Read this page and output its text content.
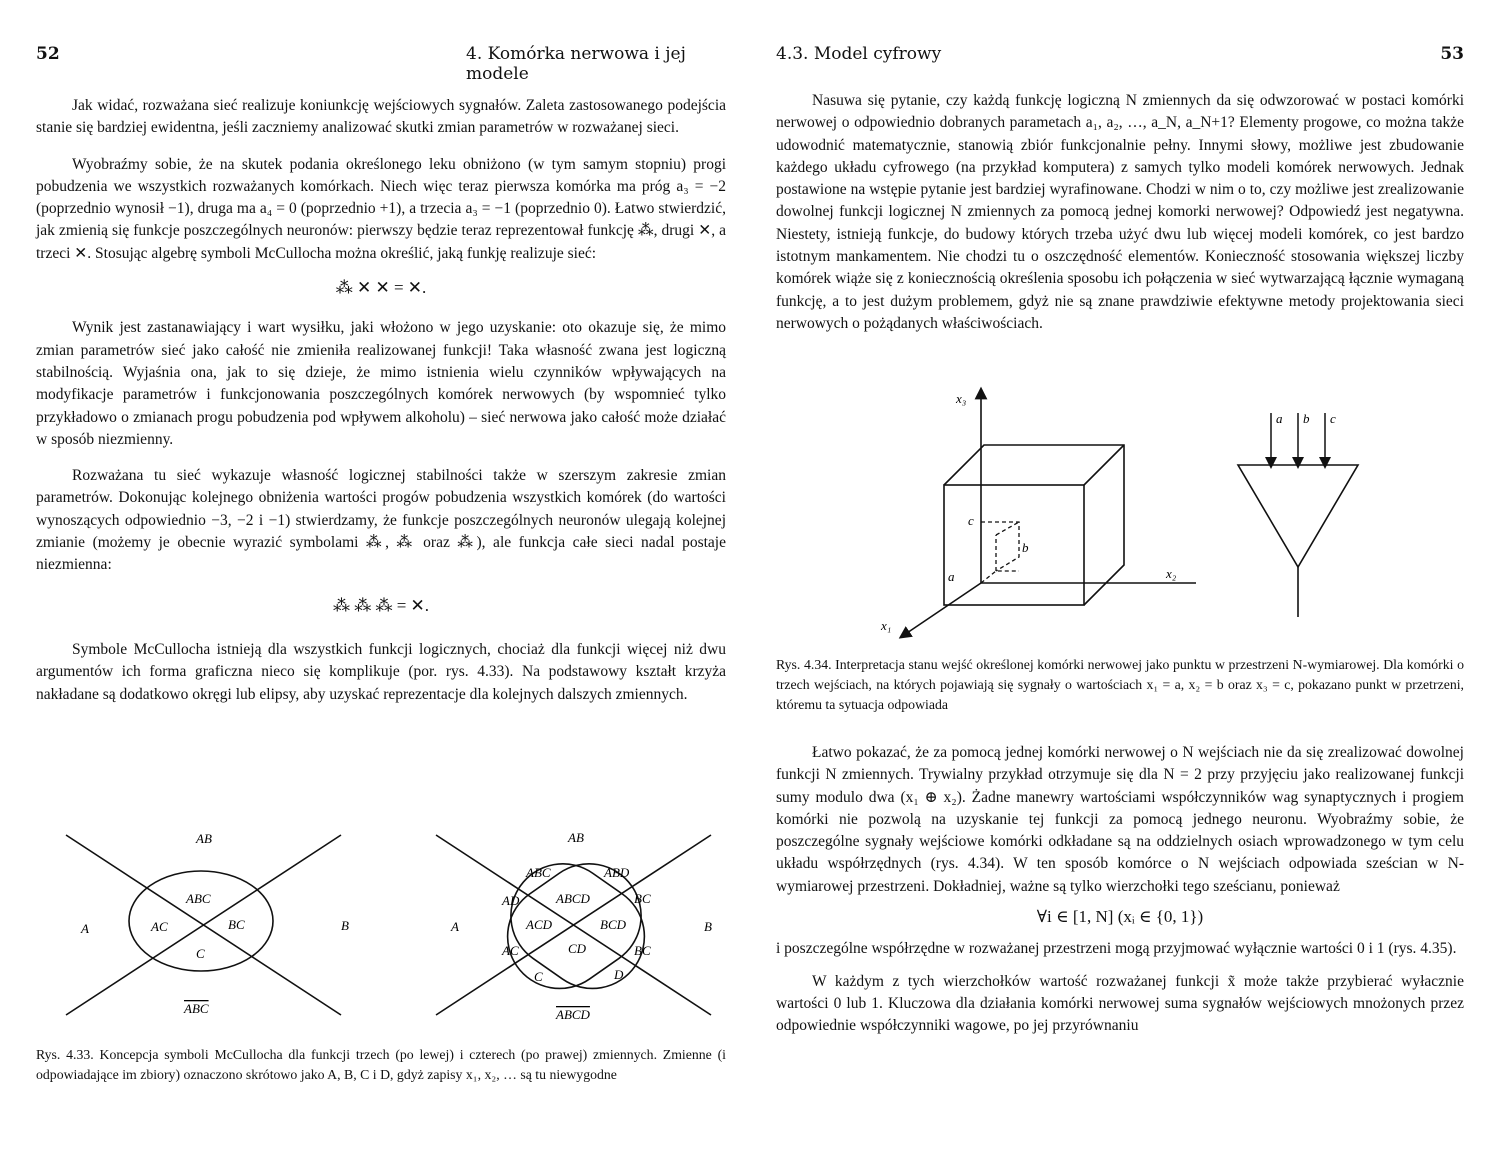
52	4. Komórka nerwowa i jej modele

Jak widać, rozważana sieć realizuje koniunkcję wejściowych sygnałów. Zaleta zastosowanego podejścia stanie się bardziej ewidentna, jeśli zaczniemy analizować skutki zmian parametrów w rozważanej sieci.

Wyobraźmy sobie, że na skutek podania określonego leku obniżono (w tym samym stopniu) progi pobudzenia we wszystkich rozważanych komórkach. Niech więc teraz pierwsza komórka ma próg a₃ = −2 (poprzednio wynosił −1), druga ma a₄ = 0 (poprzednio +1), a trzecia a₃ = −1 (poprzednio 0). Łatwo stwierdzić, jak zmienią się funkcje poszczególnych neuronów: pierwszy będzie teraz reprezentował funkcję ⁂, drugi ✕, a trzeci ✕. Stosując algebrę symboli McCullocha można określić, jaką funkję realizuje sieć:

⁂ ✕ ✕ = ✕.

Wynik jest zastanawiający i wart wysiłku, jaki włożono w jego uzyskanie: oto okazuje się, że mimo zmian parametrów sieć jako całość nie zmieniła realizowanej funkcji! Taka własność zwana jest logiczną stabilnością. Wyjaśnia ona, jak to się dzieje, że mimo istnienia wielu czynników wpływających na modyfikacje parametrów i funkcjonowania poszczególnych komórek nerwowych (by wspomnieć tylko przykładowo o zmianach progu pobudzenia pod wpływem alkoholu) – sieć nerwowa jako całość może działać w sposób niezmienny.

Rozważana tu sieć wykazuje własność logicznej stabilności także w szerszym zakresie zmian parametrów. Dokonując kolejnego obniżenia wartości progów pobudzenia wszystkich komórek (do wartości wynoszących odpowiednio −3, −2 i −1) stwierdzamy, że funkcje poszczególnych neuronów ulegają kolejnej zmianie (możemy je obecnie wyrazić symbolami ⁂, ⁂ oraz ⁂), ale funkcja całe sieci nadal postaje niezmienna:

⁂ ⁂ ⁂ = ✕.

Symbole McCullocha istnieją dla wszystkich funkcji logicznych, chociaż dla funkcji więcej niż dwu argumentów ich forma graficzna nieco się komplikuje (por. rys. 4.33). Na podstawowy kształt krzyża nakładane są dodatkowo okręgi lub elipsy, aby uzyskać reprezentacje dla kolejnych dalszych zmiennych.

AB
A	B
ABC
AC	BC
C
ABC
AB
A	B
ABC	ABD
AD	ABCD	BC
ACD	BCD
AC	CD	BC
C	D
ABCD
Rys. 4.33. Koncepcja symboli McCullocha dla funkcji trzech (po lewej) i czterech (po prawej) zmiennych. Zmienne (i odpowiadające im zbiory) oznaczono skrótowo jako A, B, C i D, gdyż zapisy x₁, x₂, … są tu niewygodne
4.3. Model cyfrowy	53

Nasuwa się pytanie, czy każdą funkcję logiczną N zmiennych da się odwzorować w postaci komórki nerwowej o odpowiednio dobranych parametach a₁, a₂, …, a_N, a_N+1? Elementy progowe, co można także udowodnić matematycznie, stanowią zbiór funkcjonalnie pełny. Innymi słowy, możliwe jest zbudowanie każdego układu cyfrowego (na przykład komputera) z samych tylko modeli komórek nerwowych. Jednak postawione na wstępie pytanie jest bardziej wyrafinowane. Chodzi w nim o to, czy możliwe jest zrealizowanie dowolnej funkcji logicznej N zmiennych za pomocą jednej komorki nerwowej? Odpowiedź jest negatywna. Niestety, istnieją funkcje, do budowy których trzeba użyć dwu lub więcej modeli komórek, co jest bardzo istotnym mankamentem. Nie chodzi tu o oszczędność elementów. Konieczność stosowania większej liczby komórek wiąże się z koniecznością określenia sposobu ich połączenia w sieć wytwarzającą łącznie wymaganą funkcję, a to jest dużym problemem, gdyż nie są znane prawdziwie efektywne metody projektowania sieci nerwowych o pożądanych właściwościach.

x₃
x₂
x₁
c
b
a
a b c
Rys. 4.34. Interpretacja stanu wejść określonej komórki nerwowej jako punktu w przestrzeni N-wymiarowej. Dla komórki o trzech wejściach, na których pojawiają się sygnały o wartościach x₁ = a, x₂ = b oraz x₃ = c, pokazano punkt w przetrzeni, któremu ta sytuacja odpowiada

Łatwo pokazać, że za pomocą jednej komórki nerwowej o N wejściach nie da się zrealizować dowolnej funkcji N zmiennych. Trywialny przykład otrzymuje się dla N = 2 przy przyjęciu jako realizowanej funkcji sumy modulo dwa (x₁ ⊕ x₂). Żadne manewry wartościami współczynników wag synaptycznych i progiem komórki nie pozwolą na uzyskanie tej funkcji za pomocą jednego neuronu. Wyobraźmy sobie, że poszczególne sygnały wejściowe komórki odkładane są na oddzielnych osiach wprowadzonego w tym celu układu współrzędnych (rys. 4.34). W ten sposób komórce o N wejściach odpowiada sześcian w N-wymiarowej przestrzeni. Dokładniej, ważne są tylko wierzchołki tego sześcianu, ponieważ

∀i ∈ [1, N] (xᵢ ∈ {0, 1})

i poszczególne współrzędne w rozważanej przestrzeni mogą przyjmować wyłącznie wartości 0 i 1 (rys. 4.35).

W każdym z tych wierzchołków wartość rozważanej funkcji x̃ może także przybierać wyłacznie wartości 0 lub 1. Kluczowa dla działania komórki nerwowej suma sygnałów wejściowych mnożonych przez odpowiednie współczynniki wagowe, po jej przyrównaniu
